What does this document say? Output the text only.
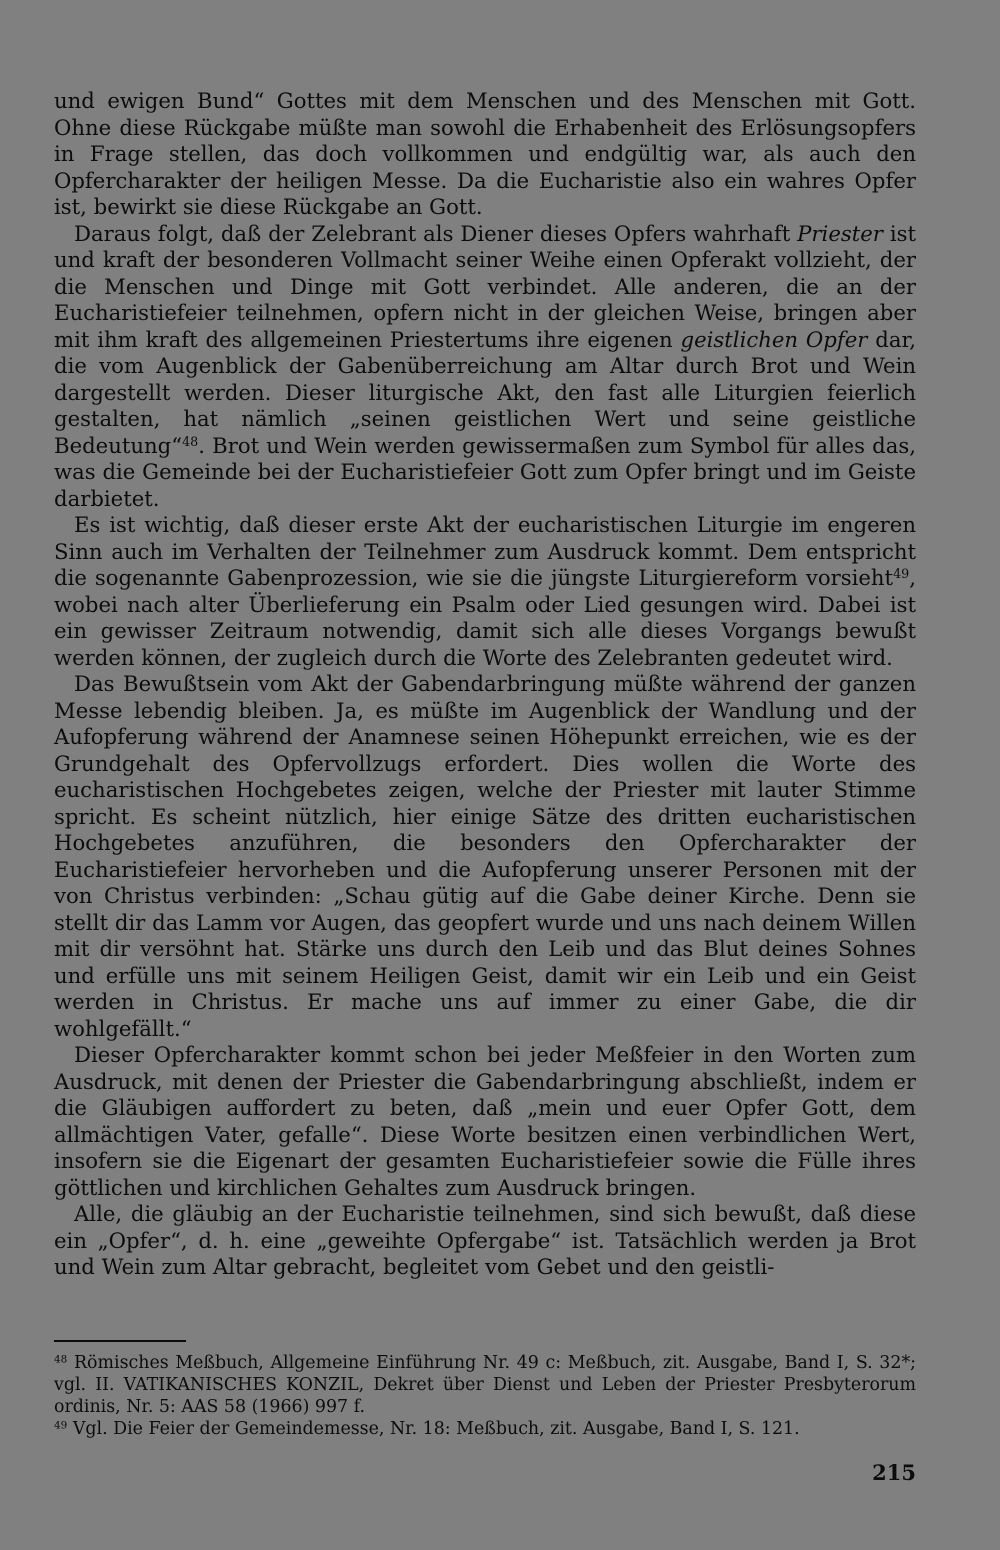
und ewigen Bund“ Gottes mit dem Menschen und des Menschen mit Gott. Ohne diese Rückgabe müßte man sowohl die Erhabenheit des Erlösungsopfers in Frage stellen, das doch vollkommen und endgültig war, als auch den Opfercharakter der heiligen Messe. Da die Eucharistie also ein wahres Opfer ist, bewirkt sie diese Rückgabe an Gott.

Daraus folgt, daß der Zelebrant als Diener dieses Opfers wahrhaft Priester ist und kraft der besonderen Vollmacht seiner Weihe einen Opferakt vollzieht, der die Menschen und Dinge mit Gott verbindet. Alle anderen, die an der Eucharistiefeier teilnehmen, opfern nicht in der gleichen Weise, bringen aber mit ihm kraft des allgemeinen Priestertums ihre eigenen geistlichen Opfer dar, die vom Augenblick der Gabenüberreichung am Altar durch Brot und Wein dargestellt werden. Dieser liturgische Akt, den fast alle Liturgien feierlich gestalten, hat nämlich „seinen geistlichen Wert und seine geistliche Bedeutung“$^{48}$. Brot und Wein werden gewissermaßen zum Symbol für alles das, was die Gemeinde bei der Eucharistiefeier Gott zum Opfer bringt und im Geiste darbietet.

Es ist wichtig, daß dieser erste Akt der eucharistischen Liturgie im engeren Sinn auch im Verhalten der Teilnehmer zum Ausdruck kommt. Dem entspricht die sogenannte Gabenprozession, wie sie die jüngste Liturgiereform vorsieht$^{49}$, wobei nach alter Überlieferung ein Psalm oder Lied gesungen wird. Dabei ist ein gewisser Zeitraum notwendig, damit sich alle dieses Vorgangs bewußt werden können, der zugleich durch die Worte des Zelebranten gedeutet wird.

Das Bewußtsein vom Akt der Gabendarbringung müßte während der ganzen Messe lebendig bleiben. Ja, es müßte im Augenblick der Wandlung und der Aufopferung während der Anamnese seinen Höhepunkt erreichen, wie es der Grundgehalt des Opfervollzugs erfordert. Dies wollen die Worte des eucharistischen Hochgebetes zeigen, welche der Priester mit lauter Stimme spricht. Es scheint nützlich, hier einige Sätze des dritten eucharistischen Hochgebetes anzuführen, die besonders den Opfercharakter der Eucharistiefeier hervorheben und die Aufopferung unserer Personen mit der von Christus verbinden: „Schau gütig auf die Gabe deiner Kirche. Denn sie stellt dir das Lamm vor Augen, das geopfert wurde und uns nach deinem Willen mit dir versöhnt hat. Stärke uns durch den Leib und das Blut deines Sohnes und erfülle uns mit seinem Heiligen Geist, damit wir ein Leib und ein Geist werden in Christus. Er mache uns auf immer zu einer Gabe, die dir wohlgefällt.“

Dieser Opfercharakter kommt schon bei jeder Meßfeier in den Worten zum Ausdruck, mit denen der Priester die Gabendarbringung abschließt, indem er die Gläubigen auffordert zu beten, daß „mein und euer Opfer Gott, dem allmächtigen Vater, gefalle“. Diese Worte besitzen einen verbindlichen Wert, insofern sie die Eigenart der gesamten Eucharistiefeier sowie die Fülle ihres göttlichen und kirchlichen Gehaltes zum Ausdruck bringen.

Alle, die gläubig an der Eucharistie teilnehmen, sind sich bewußt, daß diese ein „Opfer“, d. h. eine „geweihte Opfergabe“ ist. Tatsächlich werden ja Brot und Wein zum Altar gebracht, begleitet vom Gebet und den geistli-

$^{48}$ Römisches Meßbuch, Allgemeine Einführung Nr. 49 c: Meßbuch, zit. Ausgabe, Band I, S. 32*; vgl. II. VATIKANISCHES KONZIL, Dekret über Dienst und Leben der Priester Presbyterorum ordinis, Nr. 5: AAS 58 (1966) 997 f.

$^{49}$ Vgl. Die Feier der Gemeindemesse, Nr. 18: Meßbuch, zit. Ausgabe, Band I, S. 121.

215
